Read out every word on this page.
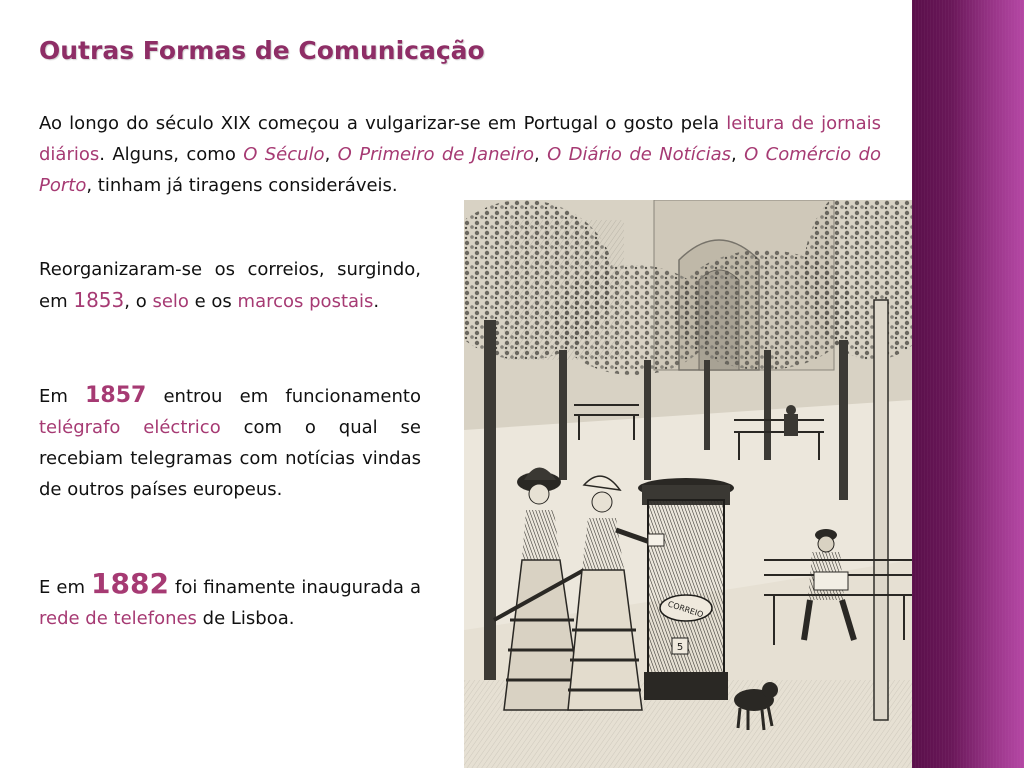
Outras Formas de Comunicação

Ao longo do século XIX começou a vulgarizar-se em Portugal o gosto pela leitura de jornais diários. Alguns, como O Século, O Primeiro de Janeiro, O Diário de Notícias, O Comércio do Porto, tinham já tiragens consideráveis.

Reorganizaram-se os correios, surgindo, em 1853, o selo e os marcos postais.

Em 1857 entrou em funcionamento telégrafo eléctrico com o qual se recebiam telegramas com notícias vindas de outros países europeus.

E em 1882 foi finamente inaugurada a rede de telefones de Lisboa.	CORREIO
5
